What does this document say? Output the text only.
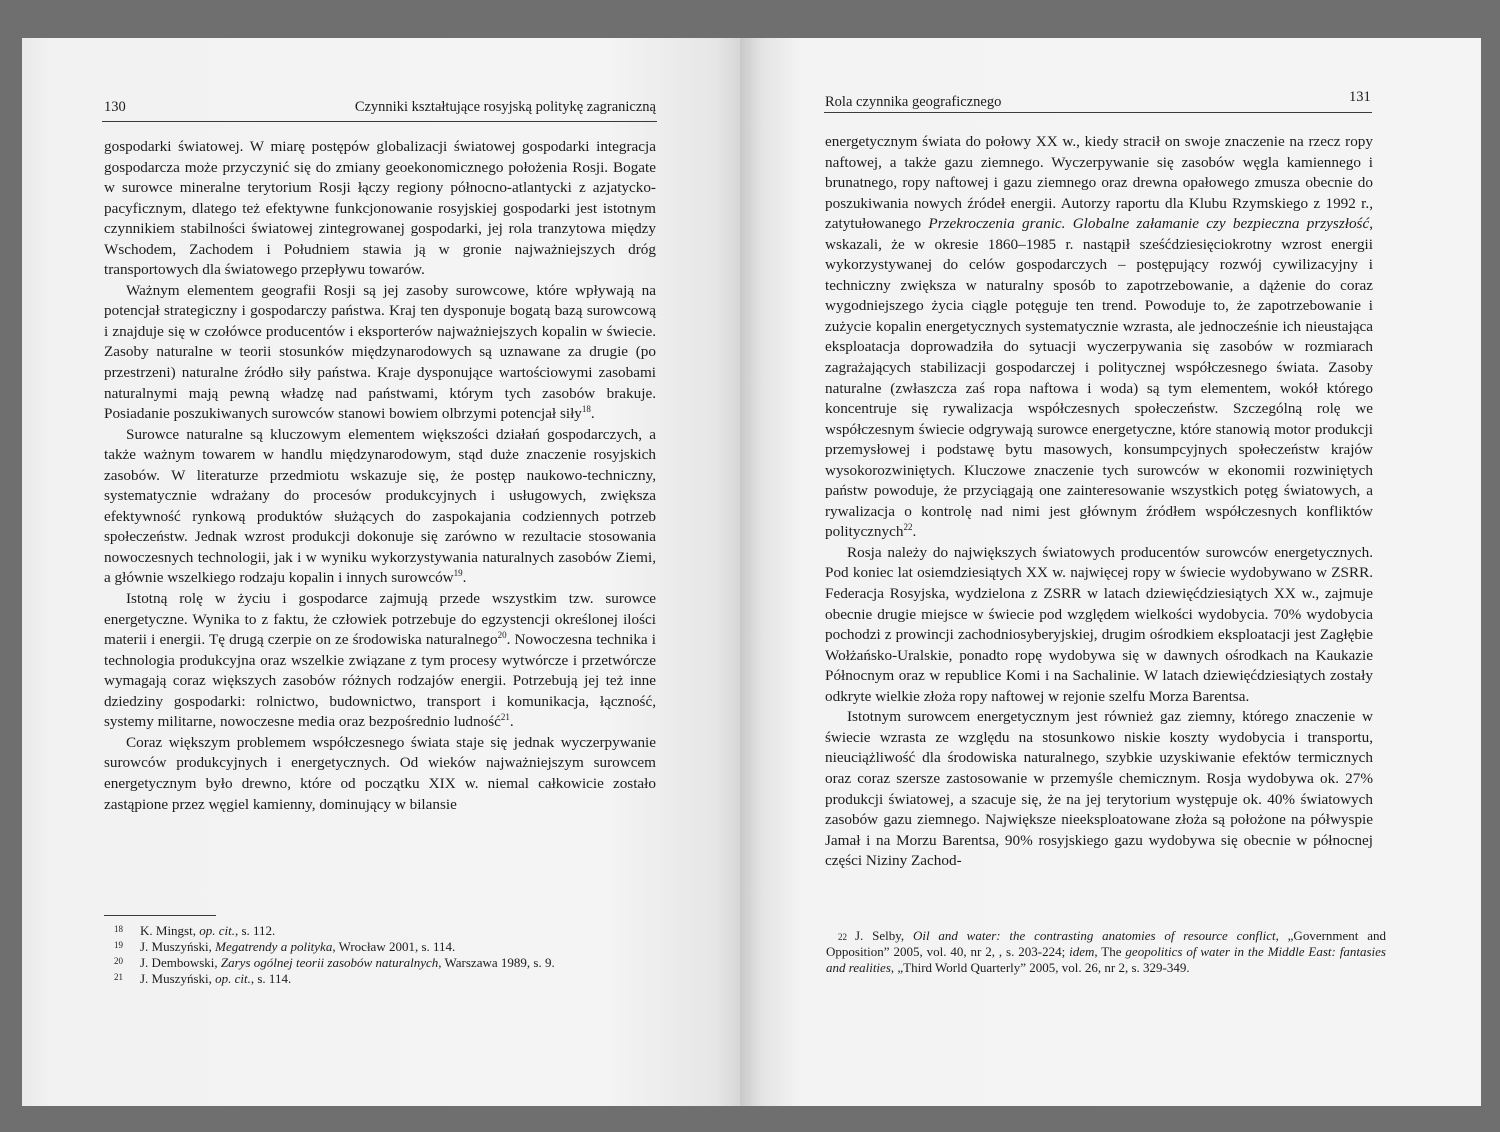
130	Czynniki kształtujące rosyjską politykę zagraniczną

gospodarki światowej. W miarę postępów globalizacji światowej gospodarki integracja gospodarcza może przyczynić się do zmiany geoekonomicznego położenia Rosji. Bogate w surowce mineralne terytorium Rosji łączy regiony północno-atlantycki z azjatycko-pacyficznym, dlatego też efektywne funkcjonowanie rosyjskiej gospodarki jest istotnym czynnikiem stabilności światowej zintegrowanej gospodarki, jej rola tranzytowa między Wschodem, Zachodem i Południem stawia ją w gronie najważniejszych dróg transportowych dla światowego przepływu towarów.

Ważnym elementem geografii Rosji są jej zasoby surowcowe, które wpływają na potencjał strategiczny i gospodarczy państwa. Kraj ten dysponuje bogatą bazą surowcową i znajduje się w czołówce producentów i eksporterów najważniejszych kopalin w świecie. Zasoby naturalne w teorii stosunków międzynarodowych są uznawane za drugie (po przestrzeni) naturalne źródło siły państwa. Kraje dysponujące wartościowymi zasobami naturalnymi mają pewną władzę nad państwami, którym tych zasobów brakuje. Posiadanie poszukiwanych surowców stanowi bowiem olbrzymi potencjał siły$^{18}$.

Surowce naturalne są kluczowym elementem większości działań gospodarczych, a także ważnym towarem w handlu międzynarodowym, stąd duże znaczenie rosyjskich zasobów. W literaturze przedmiotu wskazuje się, że postęp naukowo-techniczny, systematycznie wdrażany do procesów produkcyjnych i usługowych, zwiększa efektywność rynkową produktów służących do zaspokajania codziennych potrzeb społeczeństw. Jednak wzrost produkcji dokonuje się zarówno w rezultacie stosowania nowoczesnych technologii, jak i w wyniku wykorzystywania naturalnych zasobów Ziemi, a głównie wszelkiego rodzaju kopalin i innych surowców$^{19}$.

Istotną rolę w życiu i gospodarce zajmują przede wszystkim tzw. surowce energetyczne. Wynika to z faktu, że człowiek potrzebuje do egzystencji określonej ilości materii i energii. Tę drugą czerpie on ze środowiska naturalnego$^{20}$. Nowoczesna technika i technologia produkcyjna oraz wszelkie związane z tym procesy wytwórcze i przetwórcze wymagają coraz większych zasobów różnych rodzajów energii. Potrzebują jej też inne dziedziny gospodarki: rolnictwo, budownictwo, transport i komunikacja, łączność, systemy militarne, nowoczesne media oraz bezpośrednio ludność$^{21}$.

Coraz większym problemem współczesnego świata staje się jednak wyczerpywanie surowców produkcyjnych i energetycznych. Od wieków najważniejszym surowcem energetycznym było drewno, które od początku XIX w. niemal całkowicie zostało zastąpione przez węgiel kamienny, dominujący w bilansie

18 K. Mingst, op. cit., s. 112.
19 J. Muszyński, Megatrendy a polityka, Wrocław 2001, s. 114.
20 J. Dembowski, Zarys ogólnej teorii zasobów naturalnych, Warszawa 1989, s. 9.
21 J. Muszyński, op. cit., s. 114.
Rola czynnika geograficznego	131

energetycznym świata do połowy XX w., kiedy stracił on swoje znaczenie na rzecz ropy naftowej, a także gazu ziemnego. Wyczerpywanie się zasobów węgla kamiennego i brunatnego, ropy naftowej i gazu ziemnego oraz drewna opałowego zmusza obecnie do poszukiwania nowych źródeł energii. Autorzy raportu dla Klubu Rzymskiego z 1992 r., zatytułowanego Przekroczenia granic. Globalne załamanie czy bezpieczna przyszłość, wskazali, że w okresie 1860–1985 r. nastąpił sześćdziesięciokrotny wzrost energii wykorzystywanej do celów gospodarczych – postępujący rozwój cywilizacyjny i techniczny zwiększa w naturalny sposób to zapotrzebowanie, a dążenie do coraz wygodniejszego życia ciągle potęguje ten trend. Powoduje to, że zapotrzebowanie i zużycie kopalin energetycznych systematycznie wzrasta, ale jednocześnie ich nieustająca eksploatacja doprowadziła do sytuacji wyczerpywania się zasobów w rozmiarach zagrażających stabilizacji gospodarczej i politycznej współczesnego świata. Zasoby naturalne (zwłaszcza zaś ropa naftowa i woda) są tym elementem, wokół którego koncentruje się rywalizacja współczesnych społeczeństw. Szczególną rolę we współczesnym świecie odgrywają surowce energetyczne, które stanowią motor produkcji przemysłowej i podstawę bytu masowych, konsumpcyjnych społeczeństw krajów wysokorozwiniętych. Kluczowe znaczenie tych surowców w ekonomii rozwiniętych państw powoduje, że przyciągają one zainteresowanie wszystkich potęg światowych, a rywalizacja o kontrolę nad nimi jest głównym źródłem współczesnych konfliktów politycznych$^{22}$.

Rosja należy do największych światowych producentów surowców energetycznych. Pod koniec lat osiemdziesiątych XX w. najwięcej ropy w świecie wydobywano w ZSRR. Federacja Rosyjska, wydzielona z ZSRR w latach dziewięćdziesiątych XX w., zajmuje obecnie drugie miejsce w świecie pod względem wielkości wydobycia. 70% wydobycia pochodzi z prowincji zachodniosyberyjskiej, drugim ośrodkiem eksploatacji jest Zagłębie Wołżańsko-Uralskie, ponadto ropę wydobywa się w dawnych ośrodkach na Kaukazie Północnym oraz w republice Komi i na Sachalinie. W latach dziewięćdziesiątych zostały odkryte wielkie złoża ropy naftowej w rejonie szelfu Morza Barentsa.

Istotnym surowcem energetycznym jest również gaz ziemny, którego znaczenie w świecie wzrasta ze względu na stosunkowo niskie koszty wydobycia i transportu, nieuciążliwość dla środowiska naturalnego, szybkie uzyskiwanie efektów termicznych oraz coraz szersze zastosowanie w przemyśle chemicznym. Rosja wydobywa ok. 27% produkcji światowej, a szacuje się, że na jej terytorium występuje ok. 40% światowych zasobów gazu ziemnego. Największe nieeksploatowane złoża są położone na półwyspie Jamał i na Morzu Barentsa, 90% rosyjskiego gazu wydobywa się obecnie w północnej części Niziny Zachod-

22 J. Selby, Oil and water: the contrasting anatomies of resource conflict, „Government and Opposition” 2005, vol. 40, nr 2, , s. 203-224; idem, The geopolitics of water in the Middle East: fantasies and realities, „Third World Quarterly” 2005, vol. 26, nr 2, s. 329-349.
